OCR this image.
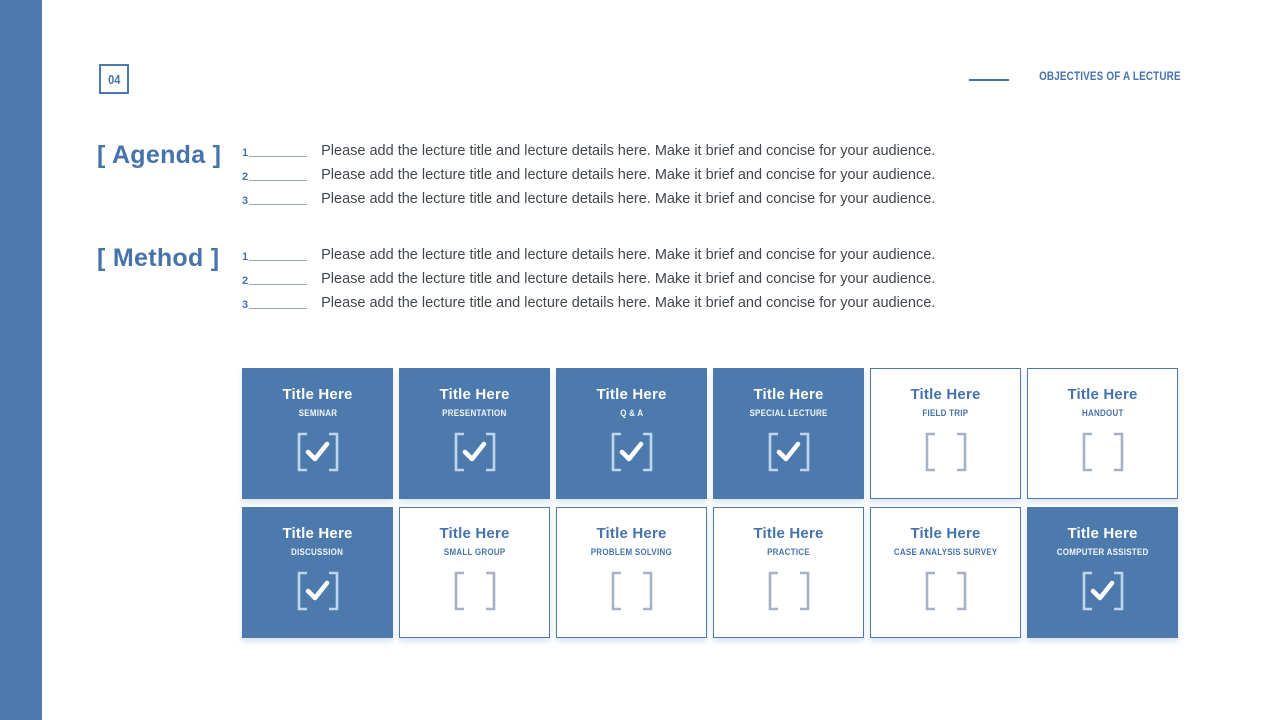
04	OBJECTIVES OF A LECTURE
[ Agenda ] 1	Please add the lecture title and lecture details here. Make it brief and concise for your audience.
2	Please add the lecture title and lecture details here. Make it brief and concise for your audience.
3	Please add the lecture title and lecture details here. Make it brief and concise for your audience.
[ Method ] 1	Please add the lecture title and lecture details here. Make it brief and concise for your audience.
2	Please add the lecture title and lecture details here. Make it brief and concise for your audience.
3	Please add the lecture title and lecture details here. Make it brief and concise for your audience.
Title Here
SEMINAR
Title Here
PRESENTATION
Title Here
Q & A
Title Here
SPECIAL LECTURE
Title Here
FIELD TRIP
Title Here
HANDOUT
Title Here
DISCUSSION
Title Here
SMALL GROUP
Title Here
PROBLEM SOLVING
Title Here
PRACTICE
Title Here
CASE ANALYSIS SURVEY
Title Here
COMPUTER ASSISTED
